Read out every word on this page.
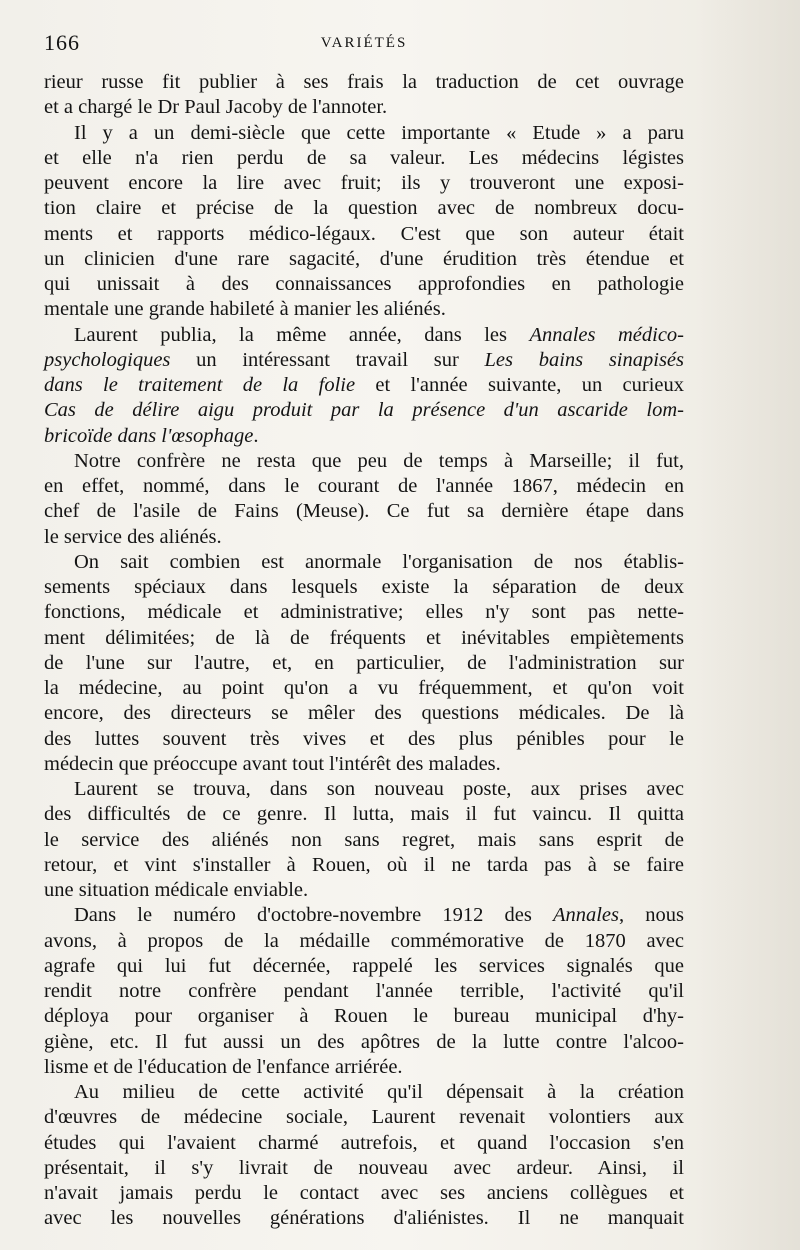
166	VARIÉTÉS
rieur russe fit publier à ses frais la traduction de cet ouvrage
et a chargé le Dr Paul Jacoby de l'annoter.
Il y a un demi-siècle que cette importante « Etude » a paru
et elle n'a rien perdu de sa valeur. Les médecins légistes
peuvent encore la lire avec fruit; ils y trouveront une exposi-
tion claire et précise de la question avec de nombreux docu-
ments et rapports médico-légaux. C'est que son auteur était
un clinicien d'une rare sagacité, d'une érudition très étendue et
qui unissait à des connaissances approfondies en pathologie
mentale une grande habileté à manier les aliénés.
Laurent publia, la même année, dans les Annales médico-
psychologiques un intéressant travail sur Les bains sinapisés
dans le traitement de la folie et l'année suivante, un curieux
Cas de délire aigu produit par la présence d'un ascaride lom-
bricoïde dans l'œsophage.
Notre confrère ne resta que peu de temps à Marseille; il fut,
en effet, nommé, dans le courant de l'année 1867, médecin en
chef de l'asile de Fains (Meuse). Ce fut sa dernière étape dans
le service des aliénés.
On sait combien est anormale l'organisation de nos établis-
sements spéciaux dans lesquels existe la séparation de deux
fonctions, médicale et administrative; elles n'y sont pas nette-
ment délimitées; de là de fréquents et inévitables empiètements
de l'une sur l'autre, et, en particulier, de l'administration sur
la médecine, au point qu'on a vu fréquemment, et qu'on voit
encore, des directeurs se mêler des questions médicales. De là
des luttes souvent très vives et des plus pénibles pour le
médecin que préoccupe avant tout l'intérêt des malades.
Laurent se trouva, dans son nouveau poste, aux prises avec
des difficultés de ce genre. Il lutta, mais il fut vaincu. Il quitta
le service des aliénés non sans regret, mais sans esprit de
retour, et vint s'installer à Rouen, où il ne tarda pas à se faire
une situation médicale enviable.
Dans le numéro d'octobre-novembre 1912 des Annales, nous
avons, à propos de la médaille commémorative de 1870 avec
agrafe qui lui fut décernée, rappelé les services signalés que
rendit notre confrère pendant l'année terrible, l'activité qu'il
déploya pour organiser à Rouen le bureau municipal d'hy-
giène, etc. Il fut aussi un des apôtres de la lutte contre l'alcoo-
lisme et de l'éducation de l'enfance arriérée.
Au milieu de cette activité qu'il dépensait à la création
d'œuvres de médecine sociale, Laurent revenait volontiers aux
études qui l'avaient charmé autrefois, et quand l'occasion s'en
présentait, il s'y livrait de nouveau avec ardeur. Ainsi, il
n'avait jamais perdu le contact avec ses anciens collègues et
avec les nouvelles générations d'aliénistes. Il ne manquait
